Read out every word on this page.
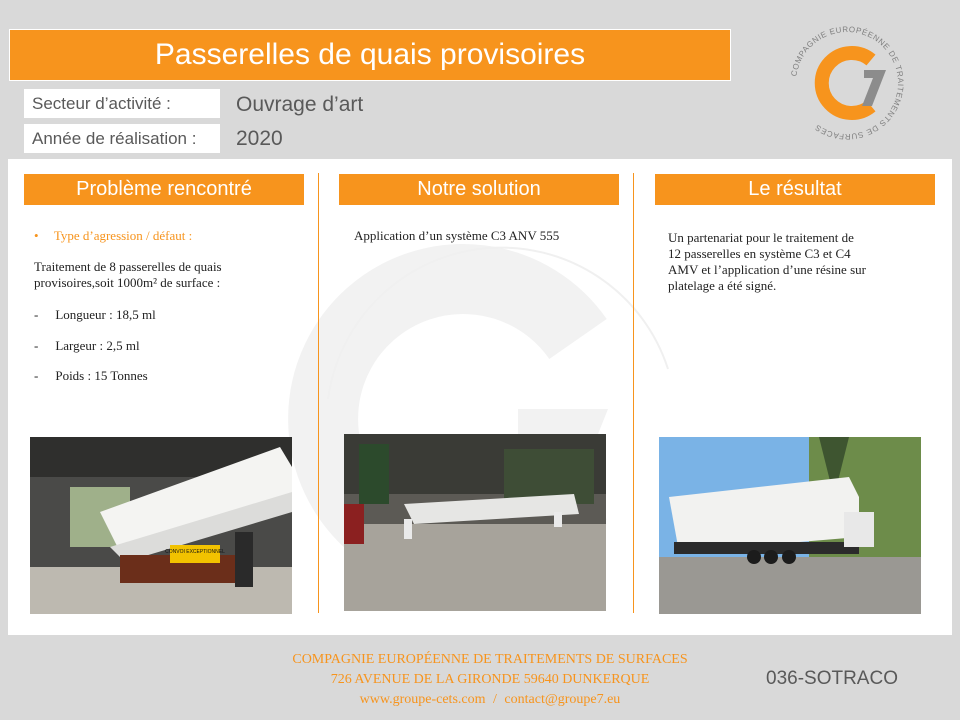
Passerelles de quais provisoires
Secteur d’activité :	Ouvrage d’art
Année de réalisation :	2020
COMPAGNIE EUROPÉENNE DE TRAITEMENTS DE SURFACES
Problème rencontré
• Type d’agression / défaut :
Traitement de 8 passerelles de quais
provisoires,soit 1000m² de surface :
- Longueur : 18,5 ml
- Largeur : 2,5 ml
- Poids : 15 Tonnes
CONVOI EXCEPTIONNEL
Notre solution
Application d’un système C3 ANV 555
Le résultat
Un partenariat pour le traitement de
12 passerelles en système C3 et C4
AMV et l’application d’une résine sur
platelage a été signé.
COMPAGNIE EUROPÉENNE DE TRAITEMENTS DE SURFACES
726 AVENUE DE LA GIRONDE 59640 DUNKERQUE
www.groupe-cets.com / contact@groupe7.eu
036-SOTRACO
